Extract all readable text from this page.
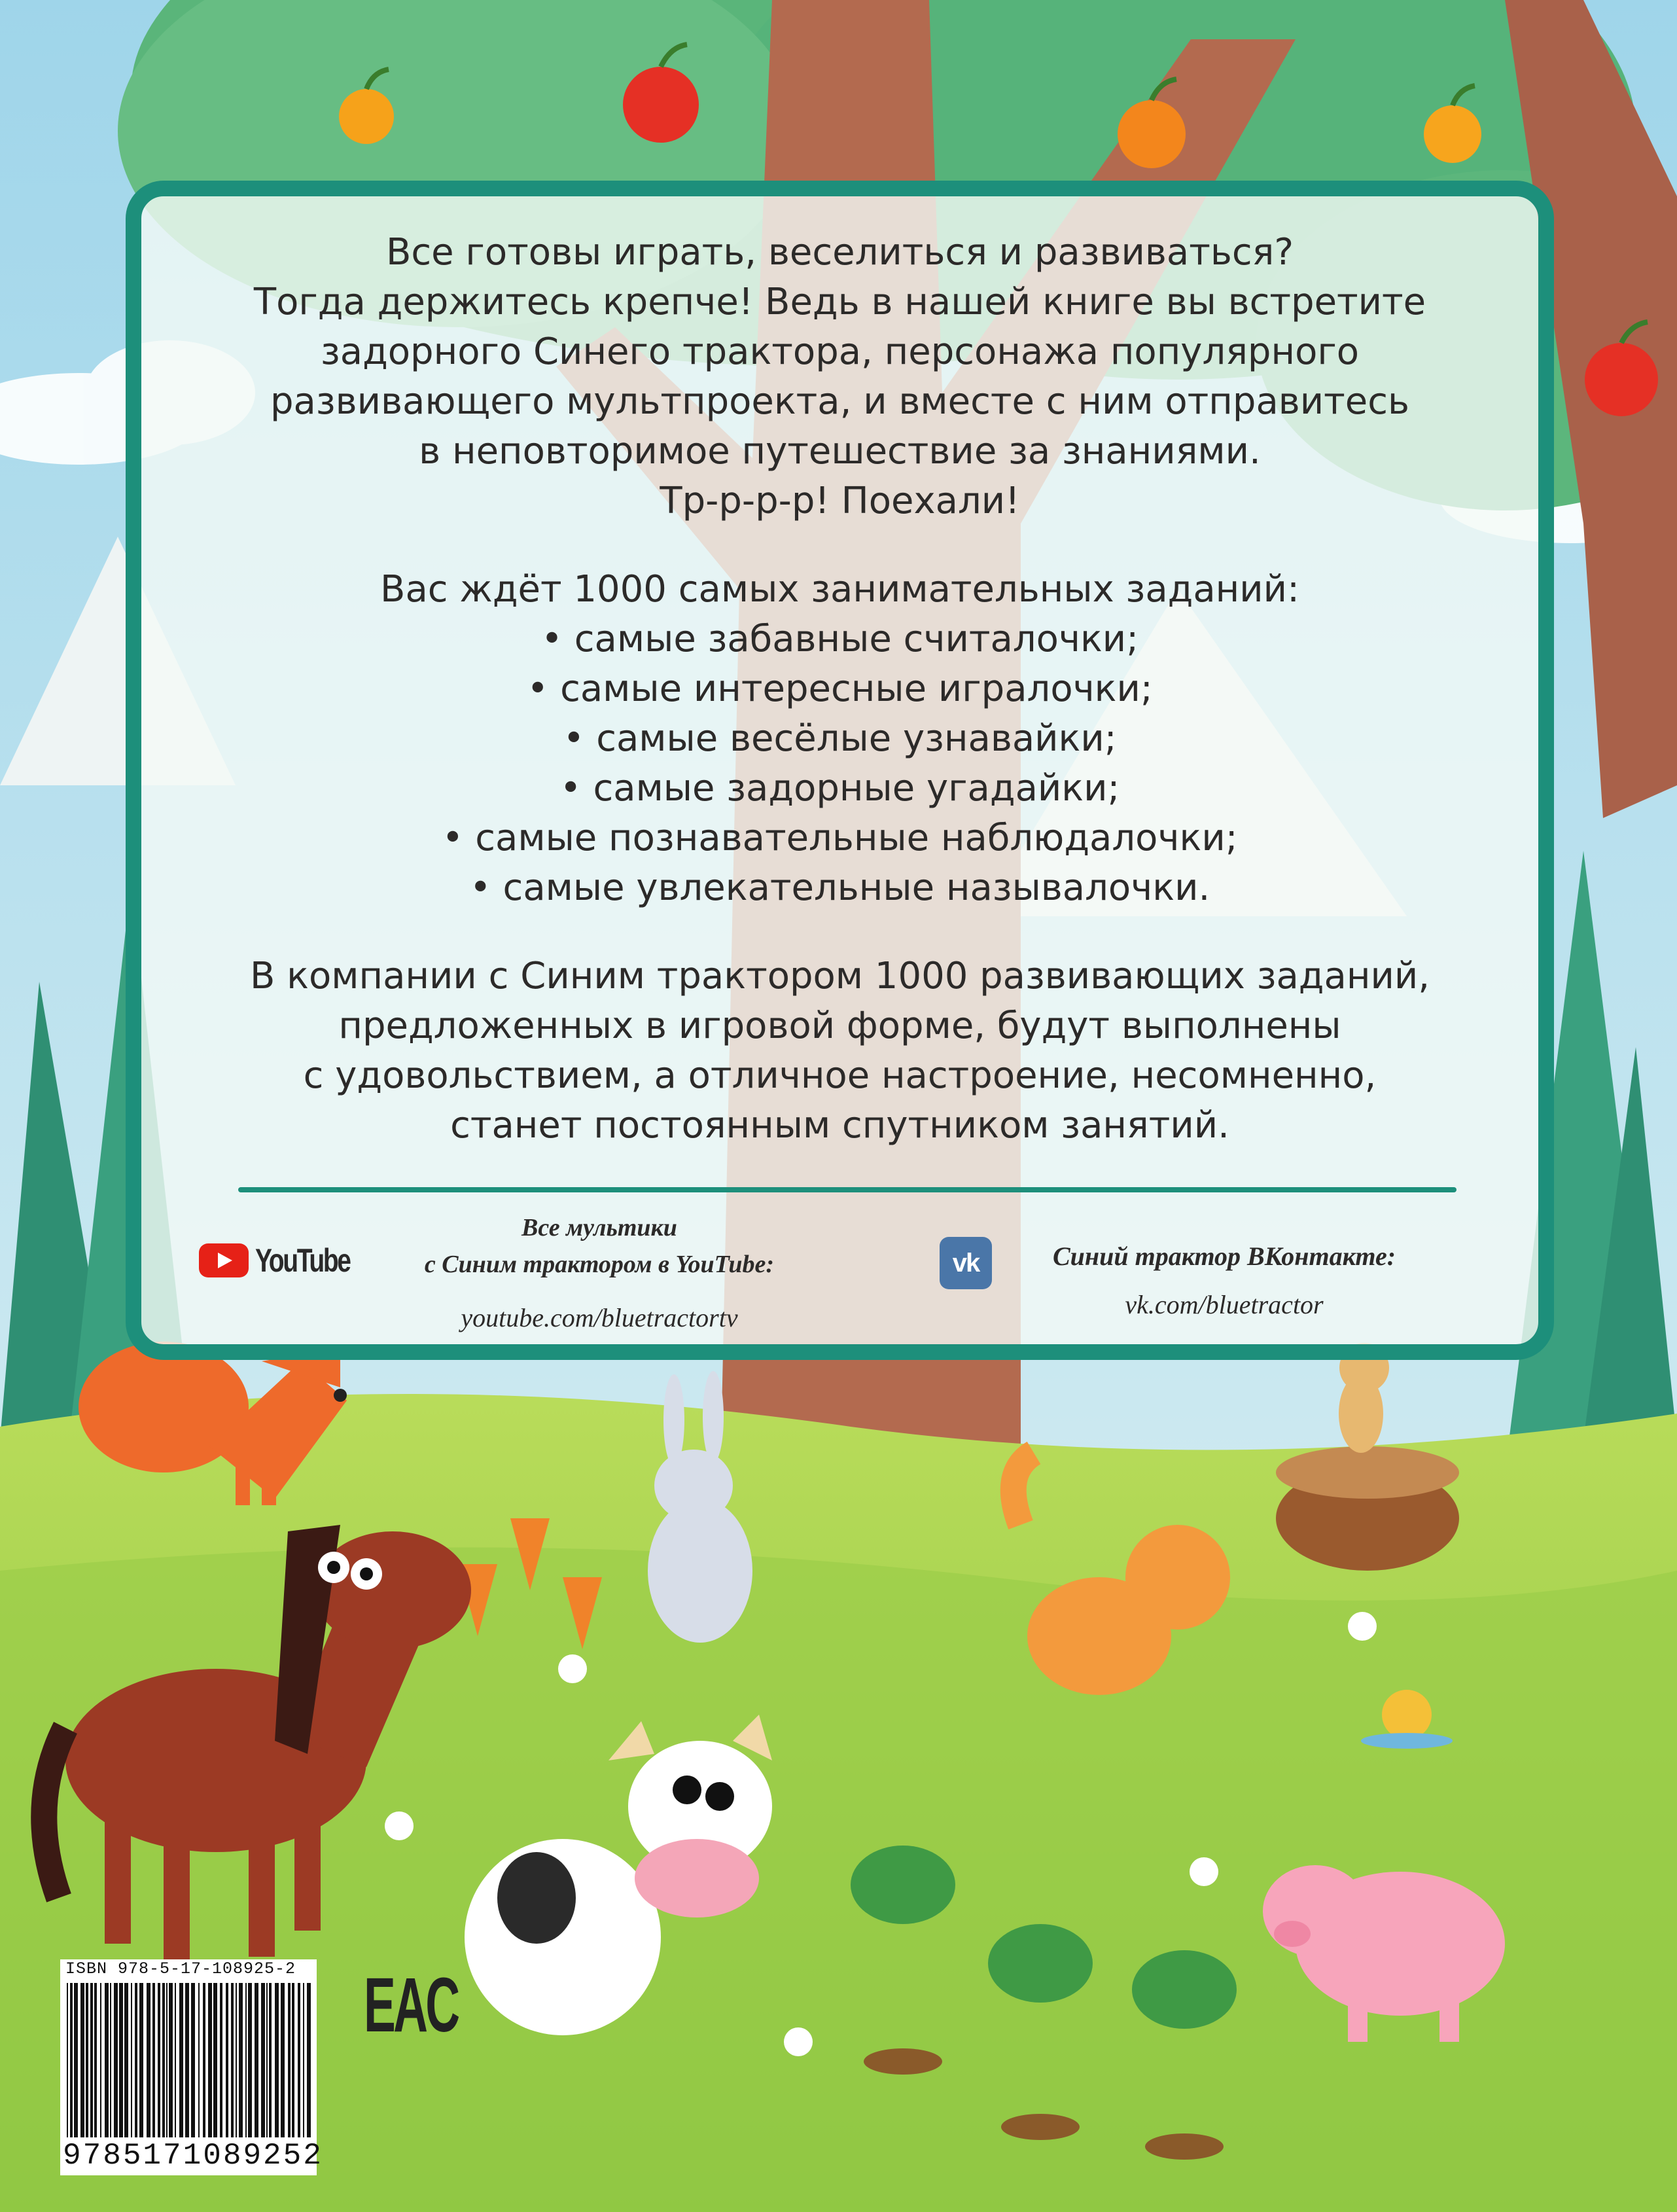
Все готовы играть, веселиться и развиваться?

Тогда держитесь крепче! Ведь в нашей книге вы встретите

задорного Синего трактора, персонажа популярного

развивающего мультпроекта, и вместе с ним отправитесь

в неповторимое путешествие за знаниями.

Тр-р-р-р! Поехали!

Вас ждёт 1000 самых занимательных заданий:

• самые забавные считалочки;

• самые интересные игралочки;

• самые весёлые узнавайки;

• самые задорные угадайки;

• самые познавательные наблюдалочки;

• самые увлекательные называлочки.

В компании с Синим трактором 1000 развивающих заданий,

предложенных в игровой форме, будут выполнены

с удовольствием, а отличное настроение, несомненно,

станет постоянным спутником занятий.

YouTube
Все мультики
с Синим трактором в YouTube:
youtube.com/bluetractortv
vk	Синий трактор ВКонтакте:
vk.com/bluetractor
ISBN 978-5-17-108925-2
9785171089252
EAC
